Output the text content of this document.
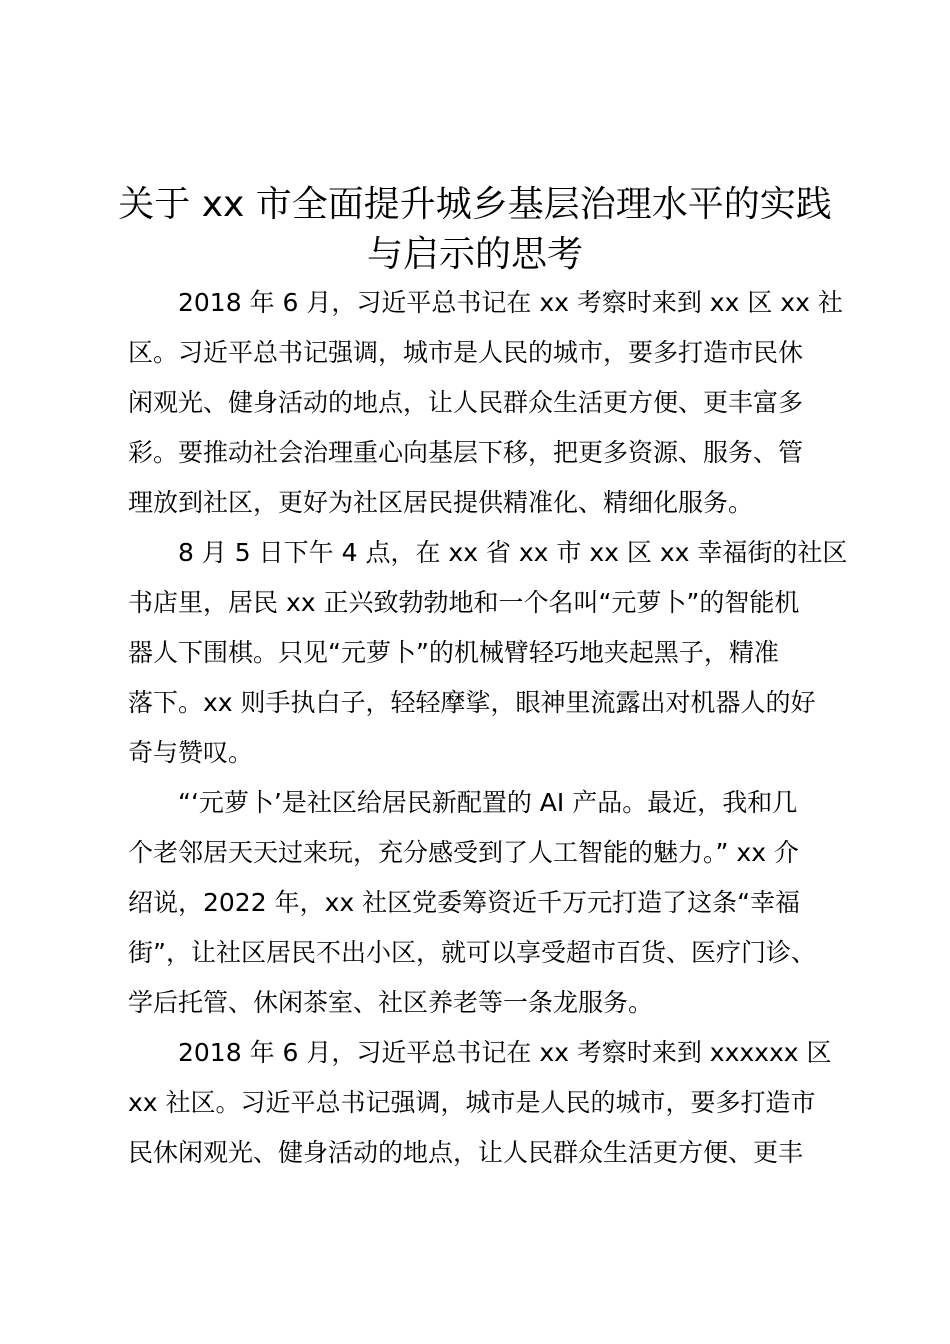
关于 xx 市全面提升城乡基层治理水平的实践
与启示的思考

2018 年 6 月，习近平总书记在 xx 考察时来到 xx 区 xx 社

区。习近平总书记强调，城市是人民的城市，要多打造市民休

闲观光、健身活动的地点，让人民群众生活更方便、更丰富多

彩。要推动社会治理重心向基层下移，把更多资源、服务、管

理放到社区，更好为社区居民提供精准化、精细化服务。

8 月 5 日下午 4 点，在 xx 省 xx 市 xx 区 xx 幸福街的社区

书店里，居民 xx 正兴致勃勃地和一个名叫“元萝卜”的智能机

器人下围棋。只见“元萝卜”的机械臂轻巧地夹起黑子，精准

落下。xx 则手执白子，轻轻摩挲，眼神里流露出对机器人的好

奇与赞叹。

“‘元萝卜’是社区给居民新配置的 AI 产品。最近，我和几

个老邻居天天过来玩，充分感受到了人工智能的魅力。” xx 介

绍说，2022 年，xx 社区党委筹资近千万元打造了这条“幸福

街”，让社区居民不出小区，就可以享受超市百货、医疗门诊、

学后托管、休闲茶室、社区养老等一条龙服务。

2018 年 6 月，习近平总书记在 xx 考察时来到 xxxxxx 区

xx 社区。习近平总书记强调，城市是人民的城市，要多打造市

民休闲观光、健身活动的地点，让人民群众生活更方便、更丰
